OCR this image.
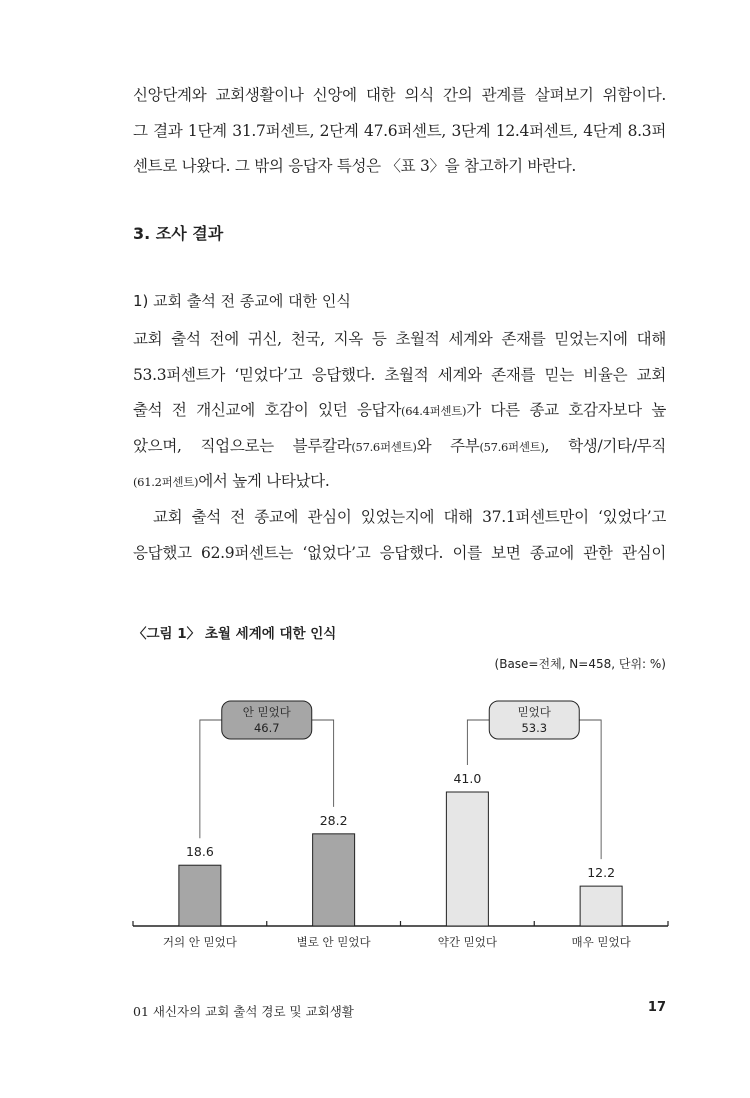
신앙단계와 교회생활이나 신앙에 대한 의식 간의 관계를 살펴보기 위함이다.
그 결과 1단계 31.7퍼센트, 2단계 47.6퍼센트, 3단계 12.4퍼센트, 4단계 8.3퍼
센트로 나왔다. 그 밖의 응답자 특성은 〈표 3〉을 참고하기 바란다.

3. 조사 결과

1) 교회 출석 전 종교에 대한 인식

교회 출석 전에 귀신, 천국, 지옥 등 초월적 세계와 존재를 믿었는지에 대해
53.3퍼센트가 ‘믿었다’고 응답했다. 초월적 세계와 존재를 믿는 비율은 교회
출석 전 개신교에 호감이 있던 응답자(64.4퍼센트)가 다른 종교 호감자보다 높
았으며, 직업으로는 블루칼라(57.6퍼센트)와 주부(57.6퍼센트), 학생/기타/무직
(61.2퍼센트)에서 높게 나타났다.
교회 출석 전 종교에 관심이 있었는지에 대해 37.1퍼센트만이 ‘있었다’고
응답했고 62.9퍼센트는 ‘없었다’고 응답했다. 이를 보면 종교에 관한 관심이

〈그림 1〉 초월 세계에 대한 인식

(Base=전체, N=458, 단위: %)

18.6
거의 안 믿었다
28.2
별로 안 믿었다
41.0
약간 믿었다
12.2
매우 믿었다
안 믿었다
46.7
믿었다
53.3

01 새신자의 교회 출석 경로 및 교회생활	17
